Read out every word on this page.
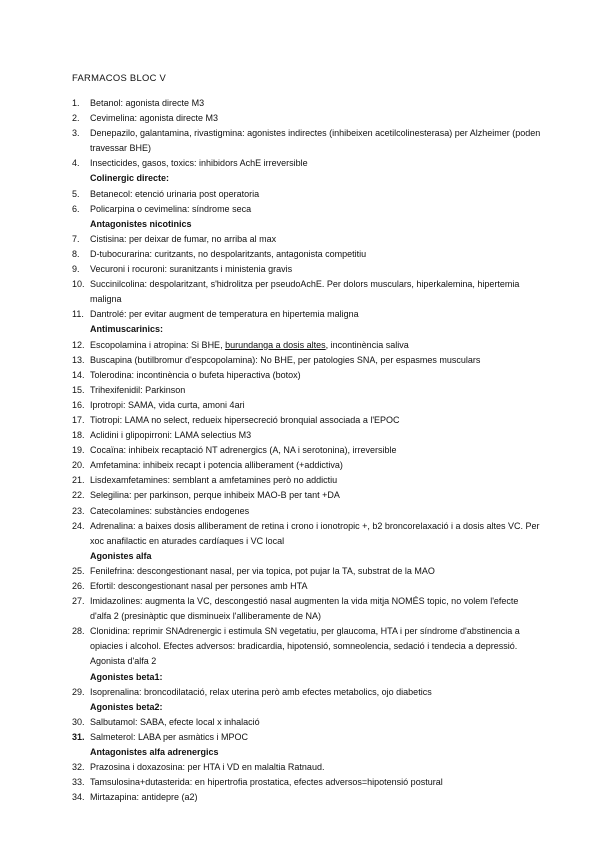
FARMACOS BLOC V
1.	Betanol: agonista directe M3
2.	Cevimelina: agonista directe M3
3.	Denepazilo, galantamina, rivastigmina: agonistes indirectes (inhibeixen acetilcolinesterasa) per Alzheimer (poden travessar BHE)
4.	Insecticides, gasos, toxics: inhibidors AchE irreversible
Colinergic directe:
5.	Betanecol: etenció urinaria post operatoria
6.	Policarpina o cevimelina: síndrome seca
Antagonistes nicotinics
7.	Cistisina: per deixar de fumar, no arriba al max
8.	D-tubocurarina: curitzants, no despolaritzants, antagonista competitiu
9.	Vecuroni i rocuroni: suranitzants i ministenia gravis
10. Succinilcolina: despolaritzant, s'hidrolitza per pseudoAchE. Per dolors musculars, hiperkalemina, hipertemia maligna
11. Dantrolé: per evitar augment de temperatura en hipertemia maligna
Antimuscarinics:
12. Escopolamina i atropina: Si BHE, burundanga a dosis altes, incontinència saliva
13. Buscapina (butilbromur d'espcopolamina): No BHE, per patologies SNA, per espasmes musculars
14. Tolerodina: incontinència o bufeta hiperactiva (botox)
15. Trihexifenidil: Parkinson
16. Iprotropi: SAMA, vida curta, amoni 4ari
17. Tiotropi: LAMA no select, redueix hipersecreció bronquial associada a l'EPOC
18. Aclidini i glipopirroni: LAMA selectius M3
19. Cocaïna: inhibeix recaptació NT adrenergics (A, NA i serotonina), irreversible
20. Amfetamina: inhibeix recapt i potencia alliberament (+addictiva)
21. Lisdexamfetamines: semblant a amfetamines però no addictiu
22. Selegilina: per parkinson, perque inhibeix MAO-B per tant +DA
23. Catecolamines: substàncies endogenes
24. Adrenalina: a baixes dosis alliberament de retina i crono i ionotropic +, b2 broncorelaxació i a dosis altes VC. Per xoc anafilactic en aturades cardíaques i VC local
Agonistes alfa
25. Fenilefrina: descongestionant nasal, per via topica, pot pujar la TA, substrat de la MAO
26. Efortil: descongestionant nasal per persones amb HTA
27. Imidazolines: augmenta la VC, descongestió nasal augmenten la vida mitja NOMÉS topic, no volem l'efecte d'alfa 2 (presinàptic que disminueix l'alliberamente de NA)
28. Clonidina: reprimir SNAdrenergic i estimula SN vegetatiu, per glaucoma, HTA i per síndrome d'abstinencia a opiacies i alcohol. Efectes adversos: bradicardia, hipotensió, somneolencia, sedació i tendecia a depressió. Agonista d'alfa 2
Agonistes beta1:
29. Isoprenalina: broncodilatació, relax uterina però amb efectes metabolics, ojo diabetics
Agonistes beta2:
30. Salbutamol: SABA, efecte local x inhalació
31. Salmeterol: LABA per asmàtics i MPOC
Antagonistes alfa adrenergics
32. Prazosina i doxazosina: per HTA i VD en malaltia Ratnaud.
33. Tamsulosina+dutasterida: en hipertrofia prostatica, efectes adversos=hipotensió postural
34. Mirtazapina: antidepre (a2)
